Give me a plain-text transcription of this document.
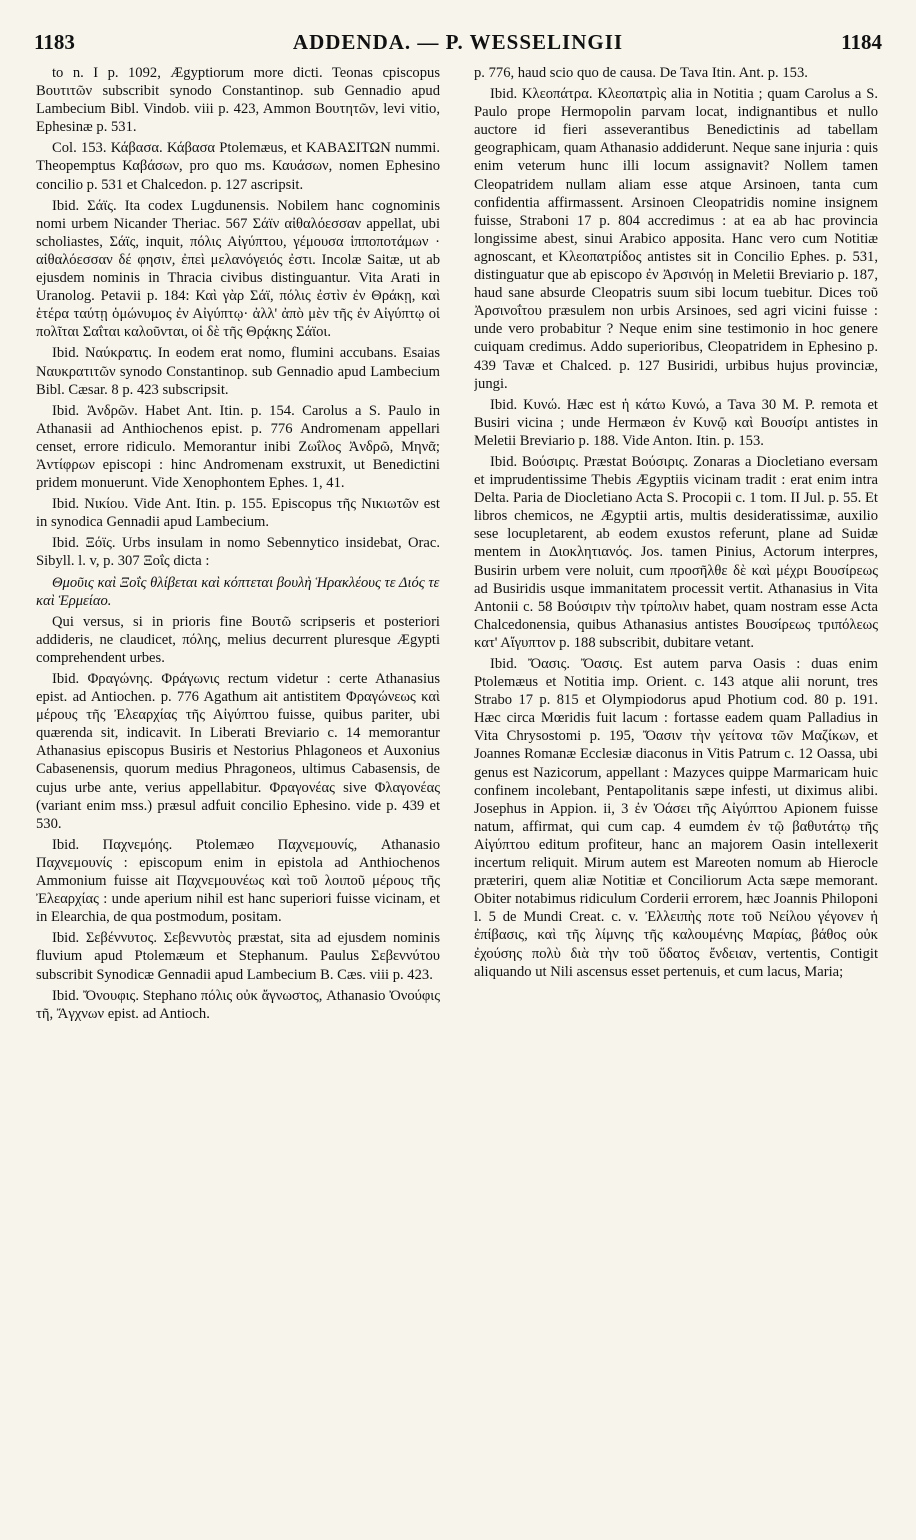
1183	ADDENDA. — P. WESSELINGII	1184

to n. I p. 1092, Ægyptiorum more dicti. Teonas cpiscopus Βουτιτῶν subscribit synodo Constantinop. sub Gennadio apud Lambecium Bibl. Vindob. viii p. 423, Ammon Βουτητῶν, levi vitio, Ephesinæ p. 531.

Col. 153. Κάβασα. Κάβασα Ptolemæus, et ΚΑΒΑΣΙΤΩΝ nummi. Theopemptus Καβάσων, pro quo ms. Καυάσων, nomen Ephesino concilio p. 531 et Chalcedon. p. 127 ascripsit.

Ibid. Σάϊς. Ita codex Lugdunensis. Nobilem hanc cognominis nomi urbem Nicander Theriac. 567 Σάϊν αἰθαλόεσσαν appellat, ubi scholiastes, Σάϊς, inquit, πόλις Αἰγύπτου, γέμουσα ἱπποποτάμων · αἰθαλόεσσαν δέ φησιν, ἐπεὶ μελανόγειός ἐστι. Incolæ Saitæ, ut ab ejusdem nominis in Thracia civibus distinguantur. Vita Arati in Uranolog. Petavii p. 184: Καὶ γὰρ Σάϊ, πόλις ἐστὶν ἐν Θράκῃ, καὶ ἑτέρα ταύτῃ ὁμώνυμος ἐν Αἰγύπτῳ· ἀλλ' ἀπὸ μὲν τῆς ἐν Αἰγύπτῳ οἱ πολῖται Σαΐται καλοῦνται, οἱ δὲ τῆς Θρᾴκης Σάϊοι.

Ibid. Ναύκρατις. In eodem erat nomo, flumini accubans. Esaias Ναυκρατιτῶν synodo Constantinop. sub Gennadio apud Lambecium Bibl. Cæsar. 8 p. 423 subscripsit.

Ibid. Ἀνδρῶν. Habet Ant. Itin. p. 154. Carolus a S. Paulo in Athanasii ad Anthiochenos epist. p. 776 Andromenam appellari censet, errore ridiculo. Memorantur inibi Ζωΐλος Ἀνδρῶ, Μηνᾶ; Ἀντίφρων episcopi : hinc Andromenam exstruxit, ut Benedictini pridem monuerunt. Vide Xenophontem Ephes. 1, 41.

Ibid. Νικίου. Vide Ant. Itin. p. 155. Episcopus τῆς Νικιωτῶν est in synodica Gennadii apud Lambecium.

Ibid. Ξόϊς. Urbs insulam in nomo Sebennytico insidebat, Orac. Sibyll. l. v, p. 307 Ξοΐς dicta :

Θμοῦις καὶ Ξοΐς θλίβεται καὶ κόπτεται βουλὴ Ἡρακλέους τε Διός τε καὶ Ἑρμείαο.

Qui versus, si in prioris fine Βουτῶ scripseris et posteriori addideris, ne claudicet, πόλης, melius decurrent pluresque Ægypti comprehendent urbes.

Ibid. Φραγώνης. Φράγωνις rectum videtur : certe Athanasius epist. ad Antiochen. p. 776 Agathum ait antistitem Φραγώνεως καὶ μέρους τῆς Ἐλεαρχίας τῆς Αἰγύπτου fuisse, quibus pariter, ubi quærenda sit, indicavit. In Liberati Breviario c. 14 memorantur Athanasius episcopus Busiris et Nestorius Phlagoneos et Auxonius Cabasenensis, quorum medius Phragoneos, ultimus Cabasensis, de cujus urbe ante, verius appellabitur. Φραγονέας sive Φλαγονέας (variant enim mss.) præsul adfuit concilio Ephesino. vide p. 439 et 530.

Ibid. Παχνεμόης. Ptolemæo Παχνεμουνίς, Athanasio Παχνεμουνίς : episcopum enim in epistola ad Anthiochenos Ammonium fuisse ait Παχνεμουνέως καὶ τοῦ λοιποῦ μέρους τῆς Ἐλεαρχίας : unde aperium nihil est hanc superiori fuisse vicinam, et in Elearchia, de qua postmodum, positam.

Ibid. Σεβέννυτος. Σεβεννυτὸς præstat, sita ad ejusdem nominis fluvium apud Ptolemæum et Stephanum. Paulus Σεβεννύτου subscribit Synodicæ Gennadii apud Lambecium B. Cæs. viii p. 423.

Ibid. Ὄνουφις. Stephano πόλις οὐκ ἄγνωστος, Athanasio Ὀνούφις τῆ, Ἄγχνων epist. ad Antioch.

p. 776, haud scio quo de causa. De Tava Itin. Ant. p. 153.

Ibid. Κλεοπάτρα. Κλεοπατρὶς alia in Notitia ; quam Carolus a S. Paulo prope Hermopolin parvam locat, indignantibus et nullo auctore id fieri asseverantibus Benedictinis ad tabellam geographicam, quam Athanasio addiderunt. Neque sane injuria : quis enim veterum hunc illi locum assignavit? Nollem tamen Cleopatridem nullam aliam esse atque Arsinoen, tanta cum confidentia affirmassent. Arsinoen Cleopatridis nomine insignem fuisse, Straboni 17 p. 804 accredimus : at ea ab hac provincia longissime abest, sinui Arabico apposita. Hanc vero cum Notitiæ agnoscant, et Κλεοπατρίδος antistes sit in Concilio Ephes. p. 531, distinguatur que ab episcopo ἐν Ἀρσινόῃ in Meletii Breviario p. 187, haud sane absurde Cleopatris suum sibi locum tuebitur. Dices τοῦ Ἀρσινοΐτου præsulem non urbis Arsinoes, sed agri vicini fuisse : unde vero probabitur ? Neque enim sine testimonio in hoc genere cuiquam credimus. Addo superioribus, Cleopatridem in Ephesino p. 439 Tavæ et Chalced. p. 127 Busiridi, urbibus hujus provinciæ, jungi.

Ibid. Κυνώ. Hæc est ἡ κάτω Κυνώ, a Tava 30 M. P. remota et Busiri vicina ; unde Hermæon ἐν Κυνῷ καὶ Βουσίρι antistes in Meletii Breviario p. 188. Vide Anton. Itin. p. 153.

Ibid. Βούσιρις. Præstat Βούσιρις. Zonaras a Diocletiano eversam et imprudentissime Thebis Ægyptiis vicinam tradit : erat enim intra Delta. Paria de Diocletiano Acta S. Procopii c. 1 tom. II Jul. p. 55. Et libros chemicos, ne Ægyptii artis, multis desideratissimæ, auxilio sese locupletarent, ab eodem exustos referunt, plane ad Suidæ mentem in Διοκλητιανός. Jos. tamen Pinius, Actorum interpres, Busirin urbem vere noluit, cum προσῆλθε δὲ καὶ μέχρι Βουσίρεως ad Busiridis usque immanitatem processit vertit. Athanasius in Vita Antonii c. 58 Βούσιριν τὴν τρίπολιν habet, quam nostram esse Acta Chalcedonensia, quibus Athanasius antistes Βουσίρεως τριπόλεως κατ' Αἴγυπτον p. 188 subscribit, dubitare vetant.

Ibid. Ὄασις. Ὄασις. Est autem parva Oasis : duas enim Ptolemæus et Notitia imp. Orient. c. 143 atque alii norunt, tres Strabo 17 p. 815 et Olympiodorus apud Photium cod. 80 p. 191. Hæc circa Mœridis fuit lacum : fortasse eadem quam Palladius in Vita Chrysostomi p. 195, Ὄασιν τὴν γείτονα τῶν Μαζίκων, et Joannes Romanæ Ecclesiæ diaconus in Vitis Patrum c. 12 Oassa, ubi genus est Nazicorum, appellant : Mazyces quippe Marmaricam huic confinem incolebant, Pentapolitanis sæpe infesti, ut diximus alibi. Josephus in Appion. ii, 3 ἐν Ὀάσει τῆς Αἰγύπτου Apionem fuisse natum, affirmat, qui cum cap. 4 eumdem ἐν τῷ βαθυτάτῳ τῆς Αἰγύπτου editum profiteur, hanc an majorem Oasin intellexerit incertum reliquit. Mirum autem est Mareoten nomum ab Hierocle præteriri, quem aliæ Notitiæ et Conciliorum Acta sæpe memorant. Obiter notabimus ridiculum Corderii errorem, hæc Joannis Philoponi l. 5 de Mundi Creat. c. v. Ἐλλειπὴς ποτε τοῦ Νείλου γέγονεν ἡ ἐπίβασις, καὶ τῆς λίμνης τῆς καλουμένης Μαρίας, βάθος οὐκ ἐχούσης πολὺ διὰ τὴν τοῦ ὕδατος ἔνδειαν, vertentis, Contigit aliquando ut Nili ascensus esset pertenuis, et cum lacus, Maria;
